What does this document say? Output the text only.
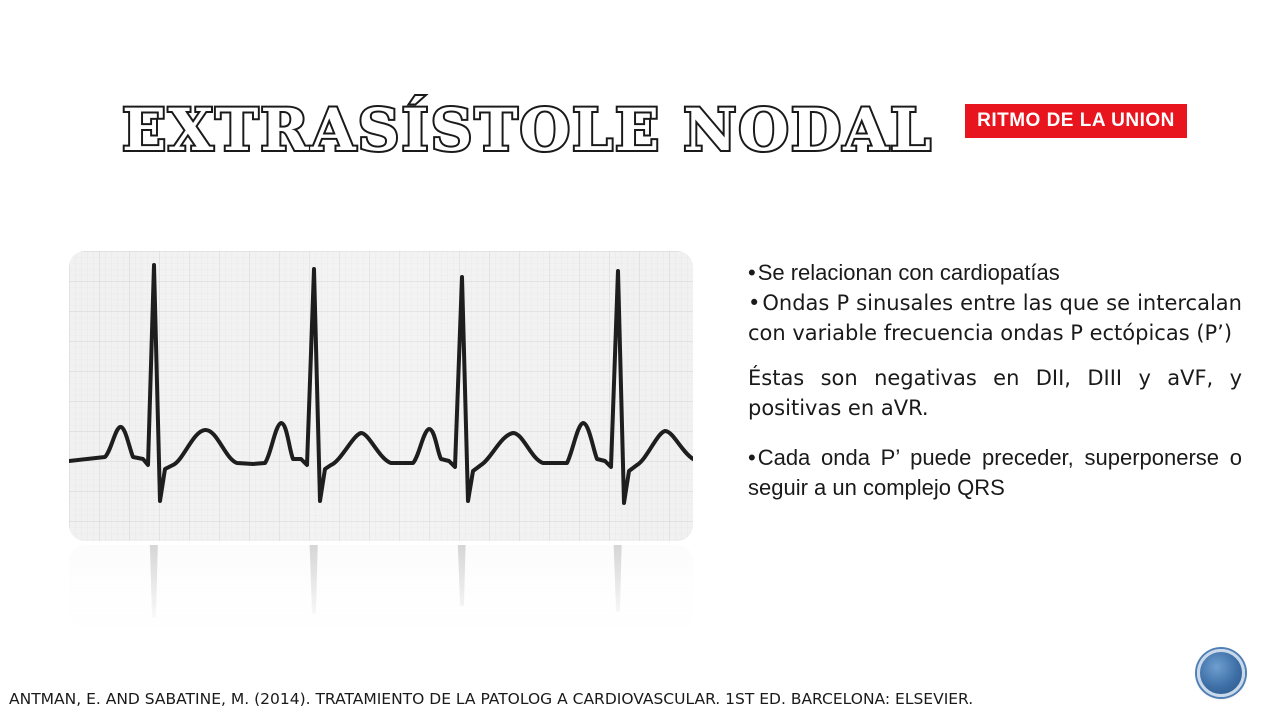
EXTRASÍSTOLE NODAL	RITMO DE LA UNION

• Se relacionan con cardiopatías

• Ondas P sinusales entre las que se intercalan con variable frecuencia ondas P ectópicas (P’)

Éstas son negativas en DII, DIII y aVF, y positivas en aVR.

• Cada onda P’ puede preceder, superponerse o seguir a un complejo QRS

ANTMAN, E. AND SABATINE, M. (2014). TRATAMIENTO DE LA PATOLOG A CARDIOVASCULAR. 1ST ED. BARCELONA: ELSEVIER.
